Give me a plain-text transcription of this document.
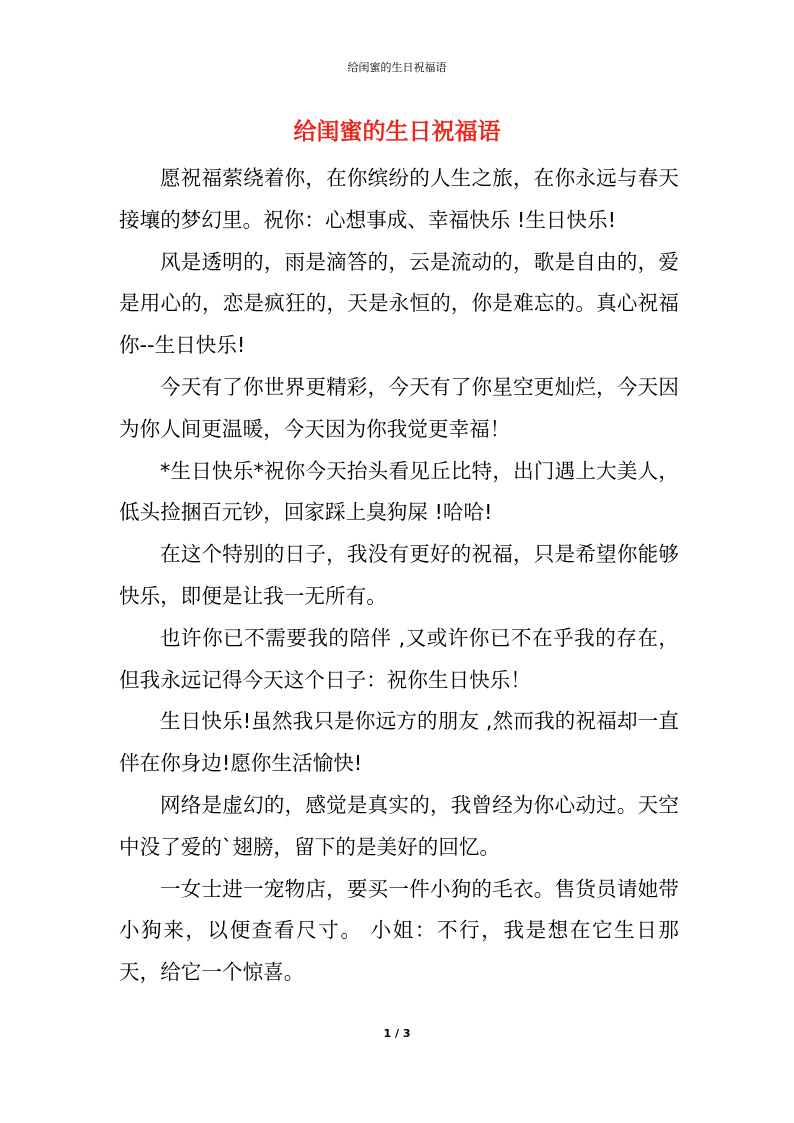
给闺蜜的生日祝福语
给闺蜜的生日祝福语

愿祝福萦绕着你，在你缤纷的人生之旅，在你永远与春天接壤的梦幻里。祝你：心想事成、幸福快乐 !生日快乐!

风是透明的，雨是滴答的，云是流动的，歌是自由的，爱是用心的，恋是疯狂的，天是永恒的，你是难忘的。真心祝福你--生日快乐!

今天有了你世界更精彩，今天有了你星空更灿烂，今天因为你人间更温暖，今天因为你我觉更幸福！

*生日快乐*祝你今天抬头看见丘比特，出门遇上大美人，低头捡捆百元钞，回家踩上臭狗屎 !哈哈!

在这个特别的日子，我没有更好的祝福，只是希望你能够快乐，即便是让我一无所有。

也许你已不需要我的陪伴 ,又或许你已不在乎我的存在，但我永远记得今天这个日子：祝你生日快乐！

生日快乐!虽然我只是你远方的朋友 ,然而我的祝福却一直伴在你身边!愿你生活愉快!

网络是虚幻的，感觉是真实的，我曾经为你心动过。天空中没了爱的`翅膀，留下的是美好的回忆。

一女士进一宠物店，要买一件小狗的毛衣。售货员请她带小狗来，以便查看尺寸。 小姐：不行，我是想在它生日那天，给它一个惊喜。

1 / 3
